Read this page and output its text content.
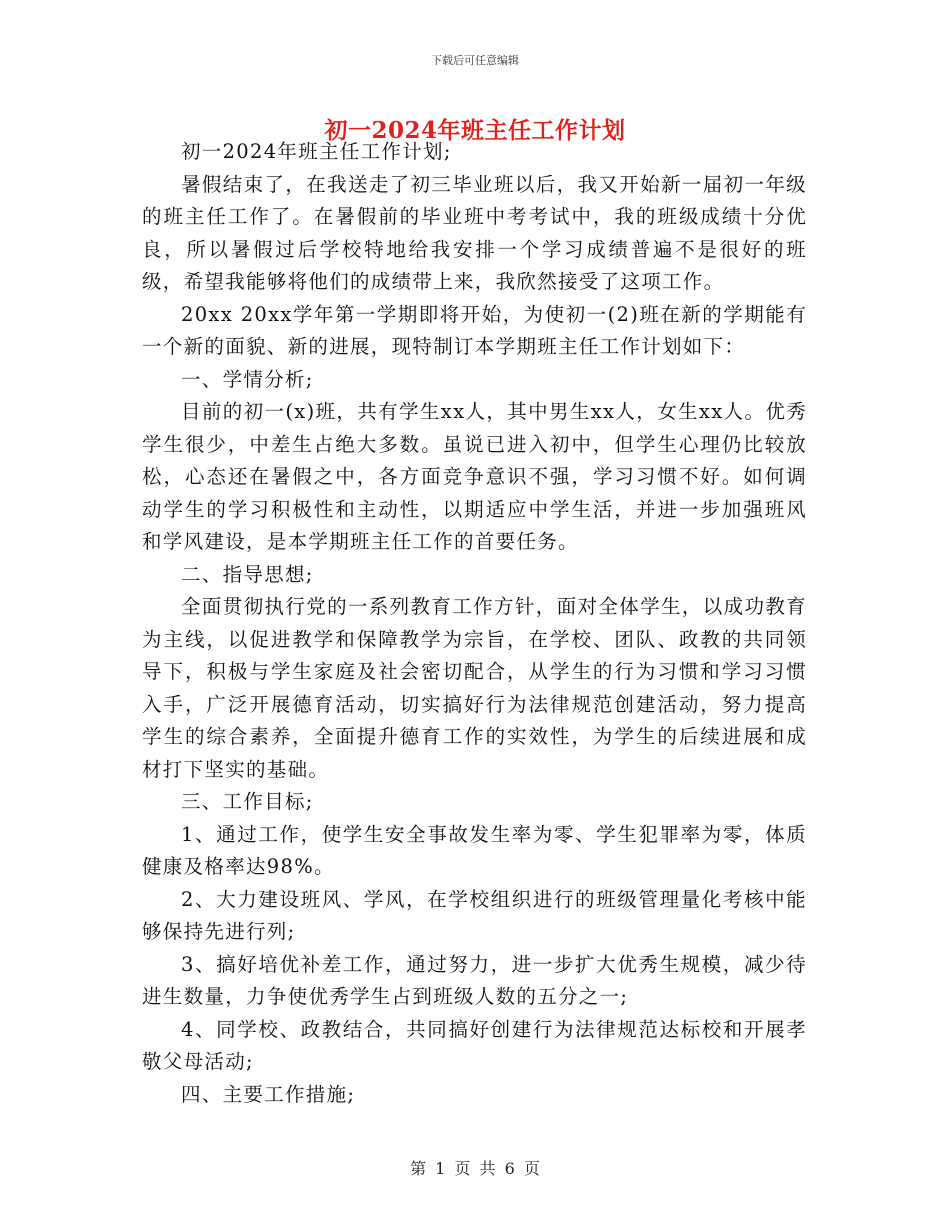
下载后可任意编辑
初一2024年班主任工作计划

初一2024年班主任工作计划;

暑假结束了，在我送走了初三毕业班以后，我又开始新一届初一年级的班主任工作了。在暑假前的毕业班中考考试中，我的班级成绩十分优良，所以暑假过后学校特地给我安排一个学习成绩普遍不是很好的班级，希望我能够将他们的成绩带上来，我欣然接受了这项工作。

20xx 20xx学年第一学期即将开始，为使初一(2)班在新的学期能有一个新的面貌、新的进展，现特制订本学期班主任工作计划如下：

一、学情分析;

目前的初一(x)班，共有学生xx人，其中男生xx人，女生xx人。优秀学生很少，中差生占绝大多数。虽说已进入初中，但学生心理仍比较放松，心态还在暑假之中，各方面竞争意识不强，学习习惯不好。如何调动学生的学习积极性和主动性，以期适应中学生活，并进一步加强班风和学风建设，是本学期班主任工作的首要任务。

二、指导思想;

全面贯彻执行党的一系列教育工作方针，面对全体学生，以成功教育为主线，以促进教学和保障教学为宗旨，在学校、团队、政教的共同领导下，积极与学生家庭及社会密切配合，从学生的行为习惯和学习习惯入手，广泛开展德育活动，切实搞好行为法律规范创建活动，努力提高学生的综合素养，全面提升德育工作的实效性，为学生的后续进展和成材打下坚实的基础。

三、工作目标;

1、通过工作，使学生安全事故发生率为零、学生犯罪率为零，体质健康及格率达98%。

2、大力建设班风、学风，在学校组织进行的班级管理量化考核中能够保持先进行列;

3、搞好培优补差工作，通过努力，进一步扩大优秀生规模，减少待进生数量，力争使优秀学生占到班级人数的五分之一;

4、同学校、政教结合，共同搞好创建行为法律规范达标校和开展孝敬父母活动;

四、主要工作措施;

第 1 页 共 6 页
